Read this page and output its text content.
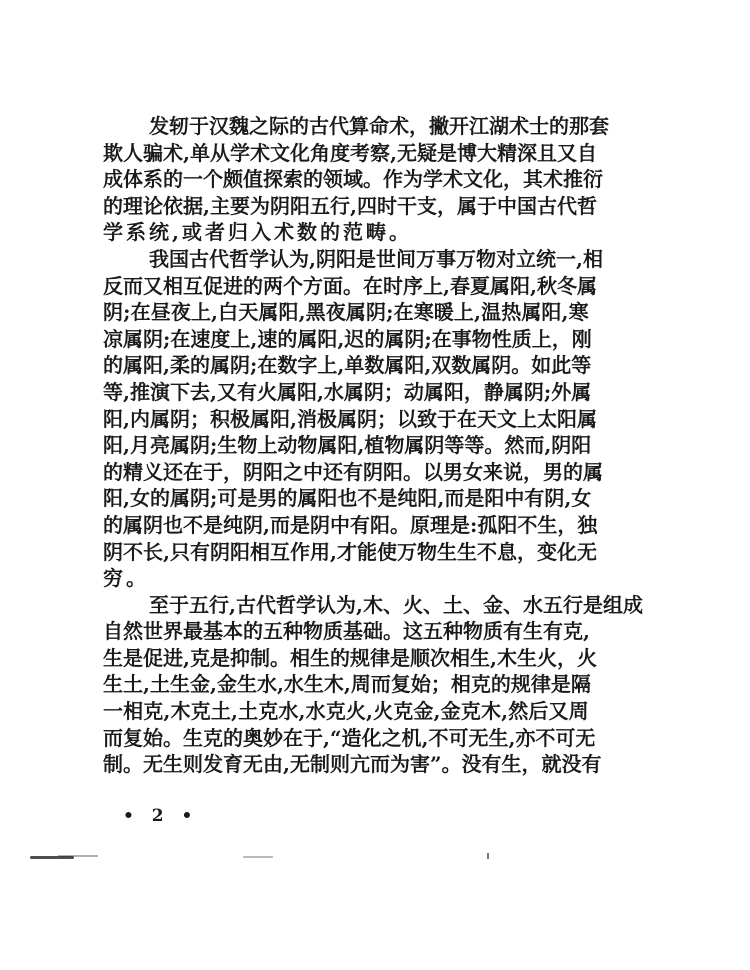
发 轫 于 汉 魏 之 际 的 古 代 算 命 术 ， 撇 开 江 湖 术 士 的 那 套
欺 人 骗 术 , 单 从 学 术 文 化 角 度 考 察 , 无 疑 是 博 大 精 深 且 又 自
成 体 系 的 一 个 颇 值 探 索 的 领 域 。 作 为 学 术 文 化 ， 其 术 推 衍
的 理 论 依 据 , 主 要 为 阴 阳 五 行 , 四 时 干 支 ， 属 于 中 国 古 代 哲
学系统,或者归入术数的范畴。
我 国 古 代 哲 学 认 为 , 阴 阳 是 世 间 万 事 万 物 对 立 统 一 , 相
反 而 又 相 互 促 进 的 两 个 方 面 。 在 时 序 上 , 春 夏 属 阳 , 秋 冬 属
阴 ; 在 昼 夜 上 , 白 天 属 阳 , 黑 夜 属 阴 ; 在 寒 暖 上 , 温 热 属 阳 , 寒
凉 属 阴 ; 在 速 度 上 , 速 的 属 阳 , 迟 的 属 阴 ; 在 事 物 性 质 上 ， 刚
的 属 阳 , 柔 的 属 阴 ; 在 数 字 上 , 单 数 属 阳 , 双 数 属 阴 。 如 此 等
等 , 推 演 下 去 , 又 有 火 属 阳 , 水 属 阴 ； 动 属 阳 ， 静 属 阴 ; 外 属
阳 , 内 属 阴 ； 积 极 属 阳 , 消 极 属 阴 ； 以 致 于 在 天 文 上 太 阳 属
阳 , 月 亮 属 阴 ; 生 物 上 动 物 属 阳 , 植 物 属 阴 等 等 。 然 而 , 阴 阳
的 精 义 还 在 于 ， 阴 阳 之 中 还 有 阴 阳 。 以 男 女 来 说 ， 男 的 属
阳 , 女 的 属 阴 ; 可 是 男 的 属 阳 也 不 是 纯 阳 , 而 是 阳 中 有 阴 , 女
的 属 阴 也 不 是 纯 阴 , 而 是 阴 中 有 阳 。 原 理 是 : 孤 阳 不 生 ， 独
阴 不 长 , 只 有 阴 阳 相 互 作 用 , 才 能 使 万 物 生 生 不 息 ， 变 化 无
穷。
至 于 五 行 , 古 代 哲 学 认 为 , 木 、 火 、 土 、 金 、 水 五 行 是 组 成
自 然 世 界 最 基 本 的 五 种 物 质 基 础 。 这 五 种 物 质 有 生 有 克 ,
生 是 促 进 , 克 是 抑 制 。 相 生 的 规 律 是 顺 次 相 生 , 木 生 火 ， 火
生 土 , 土 生 金 , 金 生 水 , 水 生 木 , 周 而 复 始 ； 相 克 的 规 律 是 隔
一 相 克 , 木 克 土 , 土 克 水 , 水 克 火 , 火 克 金 , 金 克 木 , 然 后 又 周
而 复 始 。 生 克 的 奥 妙 在 于 , “ 造 化 之 机 , 不 可 无 生 , 亦 不 可 无
制 。 无 生 则 发 育 无 由 , 无 制 则 亢 而 为 害 ” 。 没 有 生 ， 就 没 有
• 2 •
